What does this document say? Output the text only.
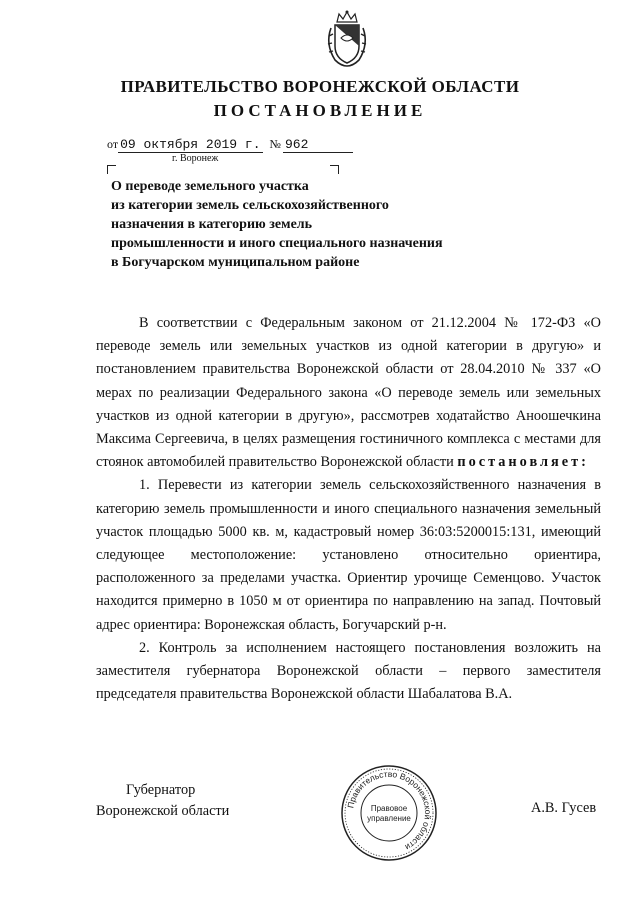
ПРАВИТЕЛЬСТВО ВОРОНЕЖСКОЙ ОБЛАСТИ
ПОСТАНОВЛЕНИЕ
от 09 октября 2019 г. № 962
г. Воронеж
О переводе земельного участка
из категории земель сельскохозяйственного
назначения в категорию земель
промышленности и иного специального назначения
в Богучарском муниципальном районе

В соответствии с Федеральным законом от 21.12.2004 № 172-ФЗ «О переводе земель или земельных участков из одной категории в другую» и постановлением правительства Воронежской области от 28.04.2010 № 337 «О мерах по реализации Федерального закона «О переводе земель или земельных участков из одной категории в другую», рассмотрев ходатайство Аноошечкина Максима Сергеевича, в целях размещения гостиничного комплекса с местами для стоянок автомобилей правительство Воронежской области постановляет:

1. Перевести из категории земель сельскохозяйственного назначения в категорию земель промышленности и иного специального назначения земельный участок площадью 5000 кв. м, кадастровый номер 36:03:5200015:131, имеющий следующее местоположение: установлено относительно ориентира, расположенного за пределами участка. Ориентир урочище Семенцово. Участок находится примерно в 1050 м от ориентира по направлению на запад. Почтовый адрес ориентира: Воронежская область, Богучарский р-н.

2. Контроль за исполнением настоящего постановления возложить на заместителя губернатора Воронежской области – первого заместителя председателя правительства Воронежской области Шабалатова В.А.

Губернатор
Воронежской области	Правительство Воронежской области
Правовое
управление
А.В. Гусев
